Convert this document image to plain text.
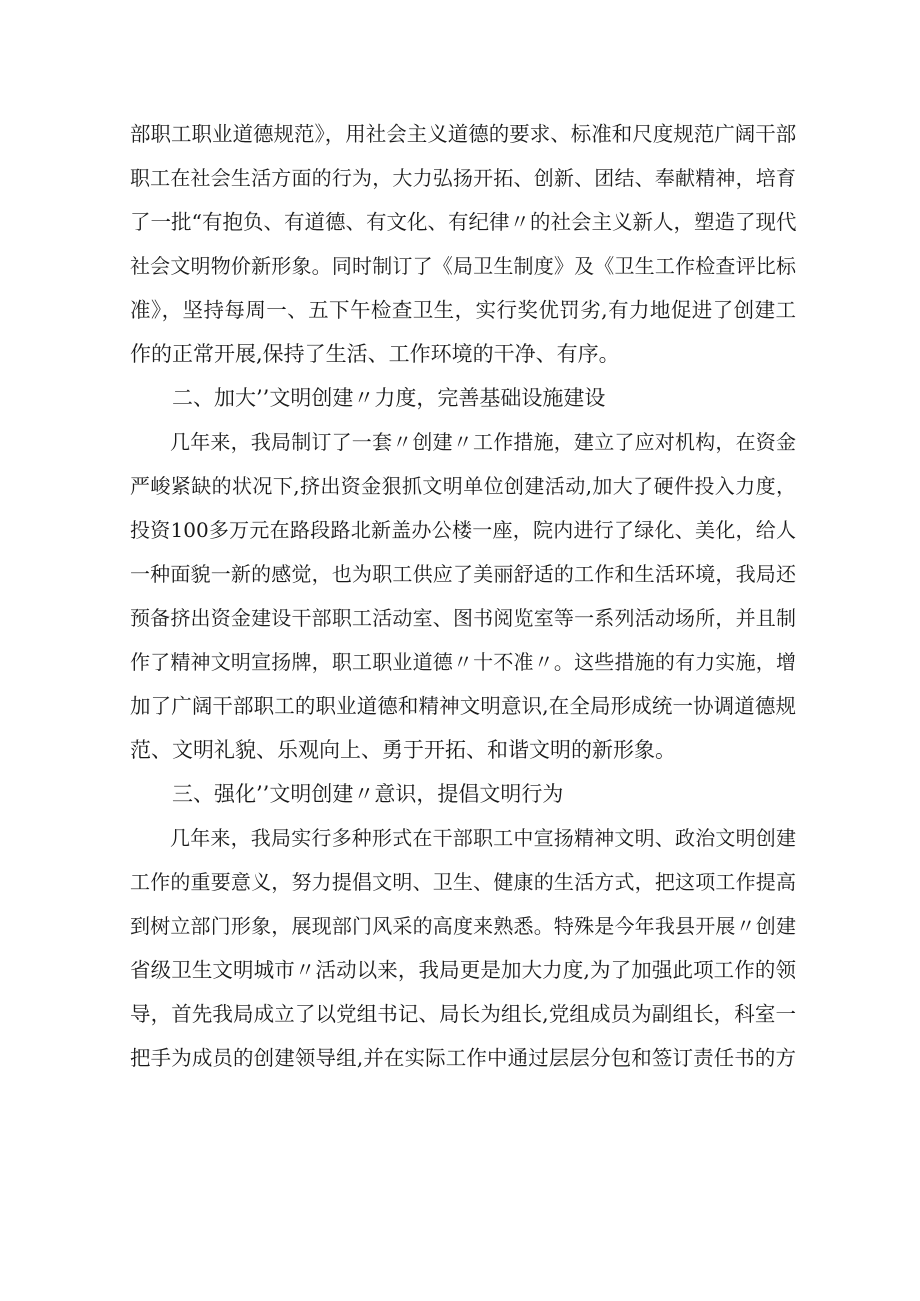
部职工职业道德规范》，用社会主义道德的要求、标准和尺度规范广阔干部
职工在社会生活方面的行为，大力弘扬开拓、创新、团结、奉献精神，培育
了一批“有抱负、有道德、有文化、有纪律〃的社会主义新人，塑造了现代
社会文明物价新形象。同时制订了《局卫生制度》及《卫生工作检查评比标
准》，坚持每周一、五下午检查卫生，实行奖优罚劣,有力地促进了创建工
作的正常开展,保持了生活、工作环境的干净、有序。
二、加大’’文明创建〃力度，完善基础设施建设
几年来，我局制订了一套〃创建〃工作措施，建立了应对机构，在资金
严峻紧缺的状况下,挤出资金狠抓文明单位创建活动,加大了硬件投入力度，
投资100多万元在路段路北新盖办公楼一座，院内进行了绿化、美化，给人
一种面貌一新的感觉，也为职工供应了美丽舒适的工作和生活环境，我局还
预备挤出资金建设干部职工活动室、图书阅览室等一系列活动场所，并且制
作了精神文明宣扬牌，职工职业道德〃十不准〃。这些措施的有力实施，增
加了广阔干部职工的职业道德和精神文明意识,在全局形成统一协调道德规
范、文明礼貌、乐观向上、勇于开拓、和谐文明的新形象。
三、强化’’文明创建〃意识，提倡文明行为
几年来，我局实行多种形式在干部职工中宣扬精神文明、政治文明创建
工作的重要意义，努力提倡文明、卫生、健康的生活方式，把这项工作提高
到树立部门形象，展现部门风采的高度来熟悉。特殊是今年我县开展〃创建
省级卫生文明城市〃活动以来，我局更是加大力度,为了加强此项工作的领
导，首先我局成立了以党组书记、局长为组长,党组成员为副组长，科室一
把手为成员的创建领导组,并在实际工作中通过层层分包和签订责任书的方
